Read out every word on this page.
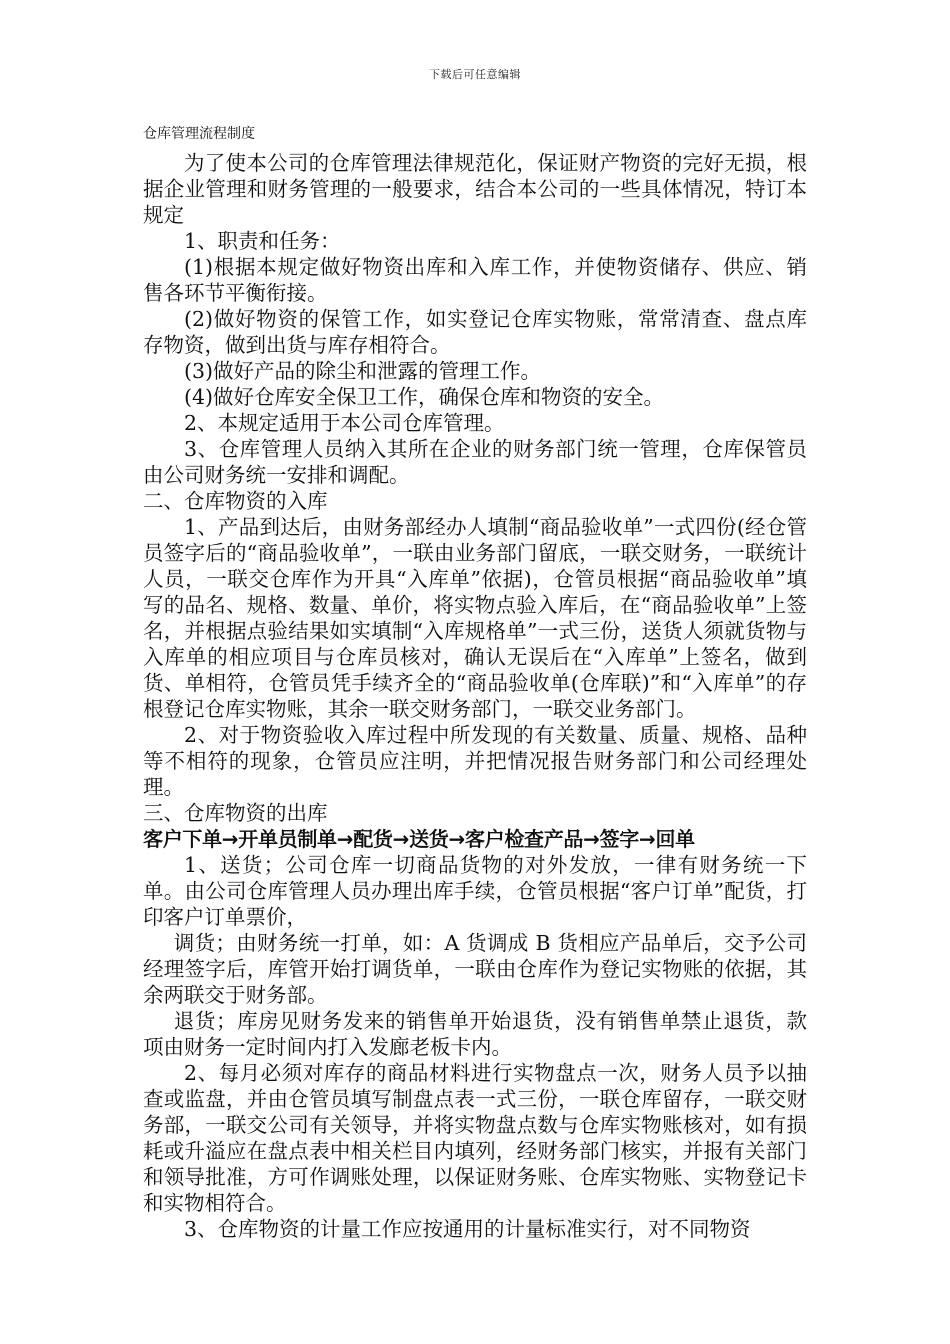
下载后可任意编辑
仓库管理流程制度

为了使本公司的仓库管理法律规范化，保证财产物资的完好无损，根据企业管理和财务管理的一般要求，结合本公司的一些具体情况，特订本规定

1、职责和任务：

(1)根据本规定做好物资出库和入库工作，并使物资储存、供应、销售各环节平衡衔接。

(2)做好物资的保管工作，如实登记仓库实物账，常常清查、盘点库存物资，做到出货与库存相符合。

(3)做好产品的除尘和泄露的管理工作。

(4)做好仓库安全保卫工作，确保仓库和物资的安全。

2、本规定适用于本公司仓库管理。

3、仓库管理人员纳入其所在企业的财务部门统一管理，仓库保管员由公司财务统一安排和调配。

二、仓库物资的入库

1、产品到达后，由财务部经办人填制“商品验收单”一式四份(经仓管员签字后的“商品验收单”，一联由业务部门留底，一联交财务，一联统计人员，一联交仓库作为开具“入库单”依据)，仓管员根据“商品验收单”填写的品名、规格、数量、单价，将实物点验入库后，在“商品验收单”上签名，并根据点验结果如实填制“入库规格单”一式三份，送货人须就货物与入库单的相应项目与仓库员核对，确认无误后在“入库单”上签名，做到货、单相符，仓管员凭手续齐全的“商品验收单(仓库联)”和“入库单”的存根登记仓库实物账，其余一联交财务部门，一联交业务部门。

2、对于物资验收入库过程中所发现的有关数量、质量、规格、品种等不相符的现象，仓管员应注明，并把情况报告财务部门和公司经理处理。

三、仓库物资的出库

客户下单→开单员制单→配货→送货→客户检查产品→签字→回单

1、送货；公司仓库一切商品货物的对外发放，一律有财务统一下单。由公司仓库管理人员办理出库手续，仓管员根据“客户订单”配货，打印客户订单票价，

调货；由财务统一打单，如：A 货调成 B 货相应产品单后，交予公司经理签字后，库管开始打调货单，一联由仓库作为登记实物账的依据，其余两联交于财务部。

退货；库房见财务发来的销售单开始退货，没有销售单禁止退货，款项由财务一定时间内打入发廊老板卡内。

2、每月必须对库存的商品材料进行实物盘点一次，财务人员予以抽查或监盘，并由仓管员填写制盘点表一式三份，一联仓库留存，一联交财务部，一联交公司有关领导，并将实物盘点数与仓库实物账核对，如有损耗或升溢应在盘点表中相关栏目内填列，经财务部门核实，并报有关部门和领导批准，方可作调账处理，以保证财务账、仓库实物账、实物登记卡和实物相符合。

3、仓库物资的计量工作应按通用的计量标准实行，对不同物资
